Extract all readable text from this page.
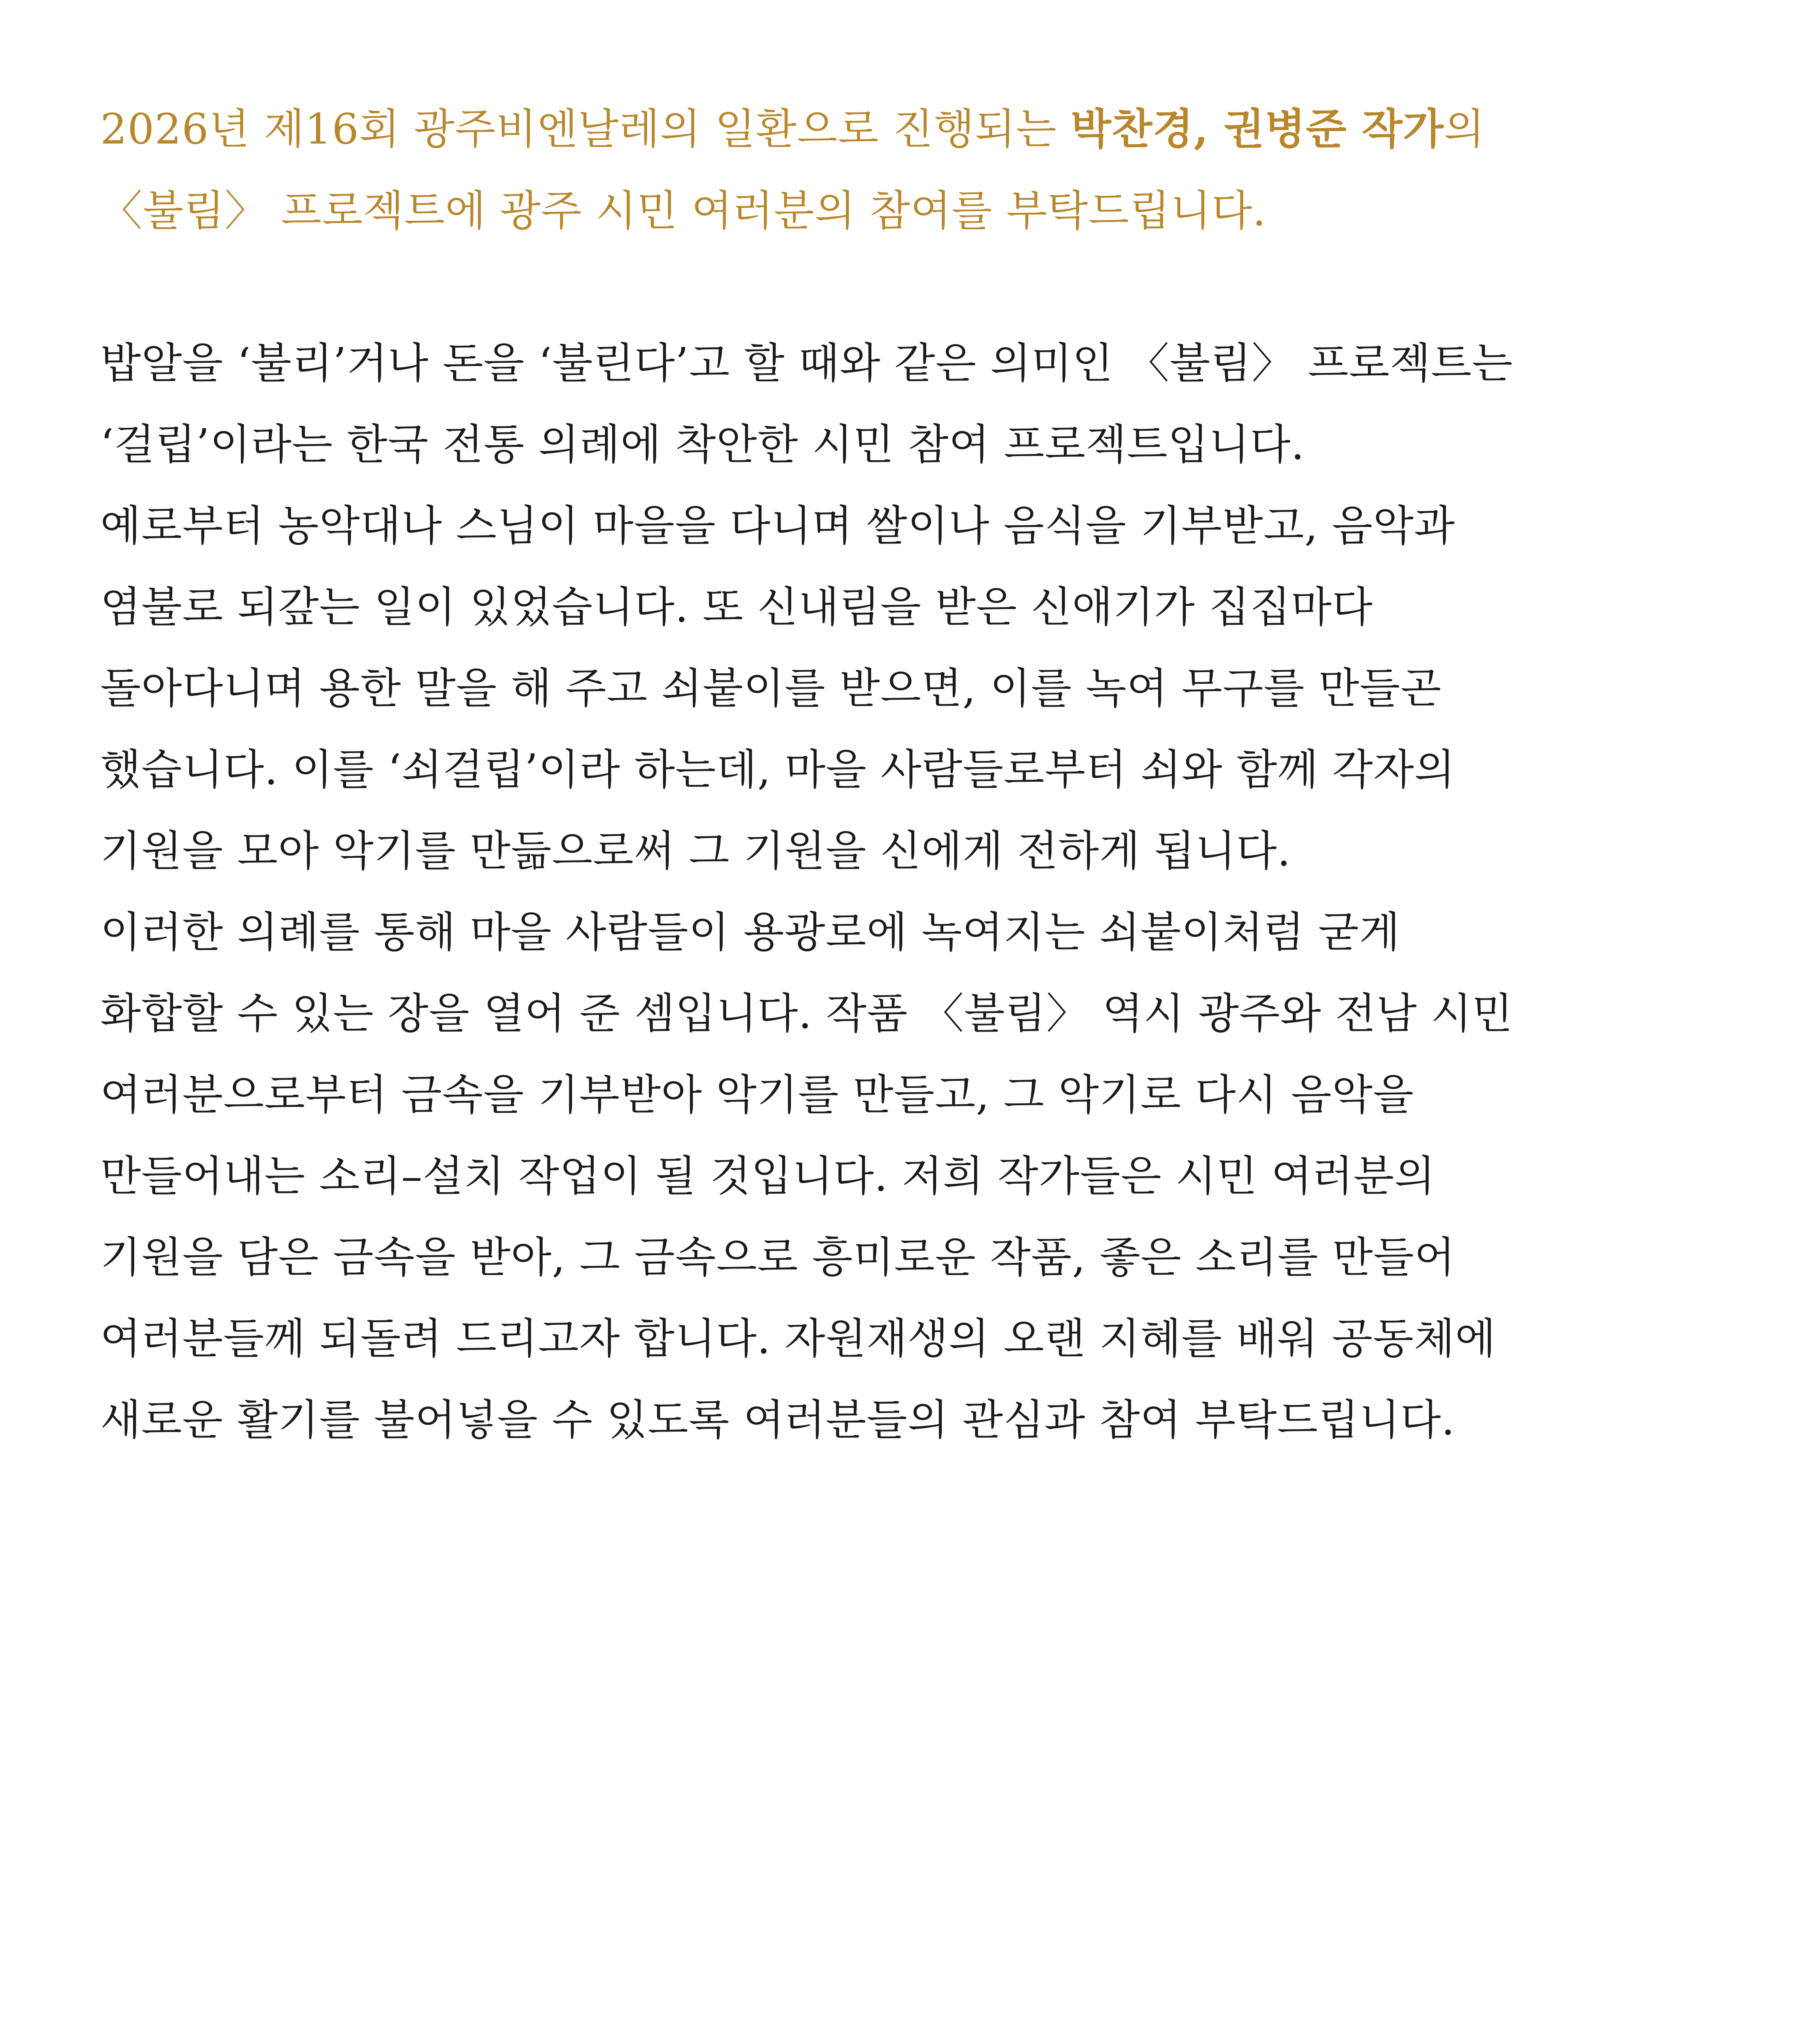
2026년 제16회 광주비엔날레의 일환으로 진행되는 박찬경, 권병준 작가의
〈불림〉 프로젝트에 광주 시민 여러분의 참여를 부탁드립니다.
밥알을 ‘불리’거나 돈을 ‘불린다’고 할 때와 같은 의미인 〈불림〉 프로젝트는
‘걸립’이라는 한국 전통 의례에 착안한 시민 참여 프로젝트입니다.
예로부터 농악대나 스님이 마을을 다니며 쌀이나 음식을 기부받고, 음악과
염불로 되갚는 일이 있었습니다. 또 신내림을 받은 신애기가 집집마다
돌아다니며 용한 말을 해 주고 쇠붙이를 받으면, 이를 녹여 무구를 만들곤
했습니다. 이를 ‘쇠걸립’이라 하는데, 마을 사람들로부터 쇠와 함께 각자의
기원을 모아 악기를 만듦으로써 그 기원을 신에게 전하게 됩니다.
이러한 의례를 통해 마을 사람들이 용광로에 녹여지는 쇠붙이처럼 굳게
화합할 수 있는 장을 열어 준 셈입니다. 작품 〈불림〉 역시 광주와 전남 시민
여러분으로부터 금속을 기부받아 악기를 만들고, 그 악기로 다시 음악을
만들어내는 소리–설치 작업이 될 것입니다. 저희 작가들은 시민 여러분의
기원을 담은 금속을 받아, 그 금속으로 흥미로운 작품, 좋은 소리를 만들어
여러분들께 되돌려 드리고자 합니다. 자원재생의 오랜 지혜를 배워 공동체에
새로운 활기를 불어넣을 수 있도록 여러분들의 관심과 참여 부탁드립니다.
